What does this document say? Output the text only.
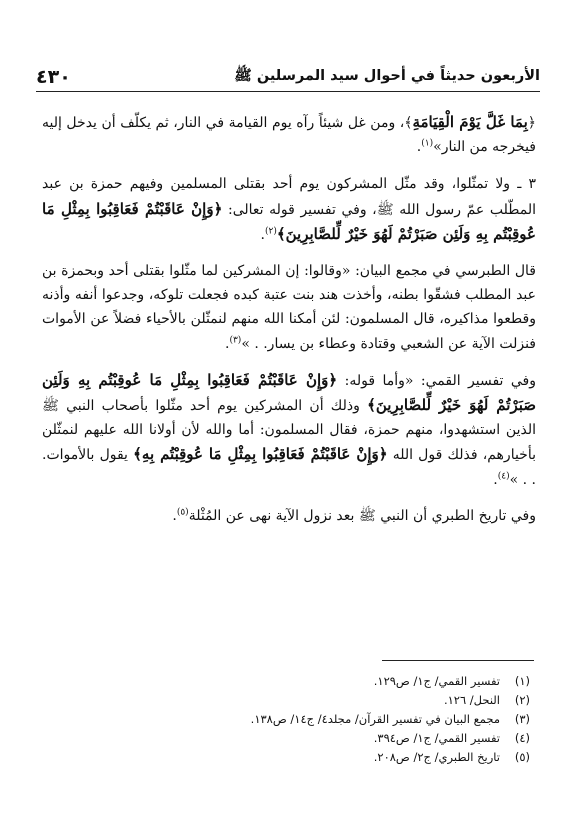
الأربعون حديثاً في أحوال سيد المرسلين ﷺ
٤٣٠

﴿بِمَا غَلَّ يَوْمَ الْقِيَامَةِ﴾، ومن غل شيئاً رآه يوم القيامة في النار، ثم يكلّف أن يدخل إليه فيخرجه من النار»$^{(١)}$.

٣ ـ ولا تمثّلوا، وقد مثّل المشركون يوم أحد بقتلى المسلمين وفيهم حمزة بن عبد المطّلب عمّ رسول الله ﷺ، وفي تفسير قوله تعالى: ﴿وَإِنْ عَاقَبْتُمْ فَعَاقِبُوا بِمِثْلِ مَا عُوقِبْتُم بِهِ وَلَئِن صَبَرْتُمْ لَهُوَ خَيْرٌ لِّلصَّابِرِينَ﴾$^{(٢)}$.

قال الطبرسي في مجمع البيان: «وقالوا: إن المشركين لما مثّلوا بقتلى أحد وبحمزة بن عبد المطلب فشقّوا بطنه، وأخذت هند بنت عتبة كبده فجعلت تلوكه، وجدعوا أنفه وأذنه وقطعوا مذاكيره، قال المسلمون: لئن أمكنا الله منهم لنمثّلن بالأحياء فضلاً عن الأموات فنزلت الآية عن الشعبي وقتادة وعطاء بن يسار. . »$^{(٣)}$.

وفي تفسير القمي: «وأما قوله: ﴿وَإِنْ عَاقَبْتُمْ فَعَاقِبُوا بِمِثْلِ مَا عُوقِبْتُم بِهِ وَلَئِن صَبَرْتُمْ لَهُوَ خَيْرٌ لِّلصَّابِرِينَ﴾ وذلك أن المشركين يوم أحد مثّلوا بأصحاب النبي ﷺ الذين استشهدوا، منهم حمزة، فقال المسلمون: أما والله لأن أولانا الله عليهم لنمثّلن بأخيارهم، فذلك قول الله ﴿وَإِنْ عَاقَبْتُمْ فَعَاقِبُوا بِمِثْلِ مَا عُوقِبْتُم بِهِ﴾ يقول بالأموات. . . »$^{(٤)}$.

وفي تاريخ الطبري أن النبي ﷺ بعد نزول الآية نهى عن المُثْلة$^{(٥)}$.

(١)
تفسير القمي/ ج١/ ص١٢٩.
(٢)
النحل/ ١٢٦.
(٣)
مجمع البيان في تفسير القرآن/ مجلد٤/ ج١٤/ ص١٣٨.
(٤)
تفسير القمي/ ج١/ ص٣٩٤.
(٥)
تاريخ الطبري/ ج٢/ ص٢٠٨.
